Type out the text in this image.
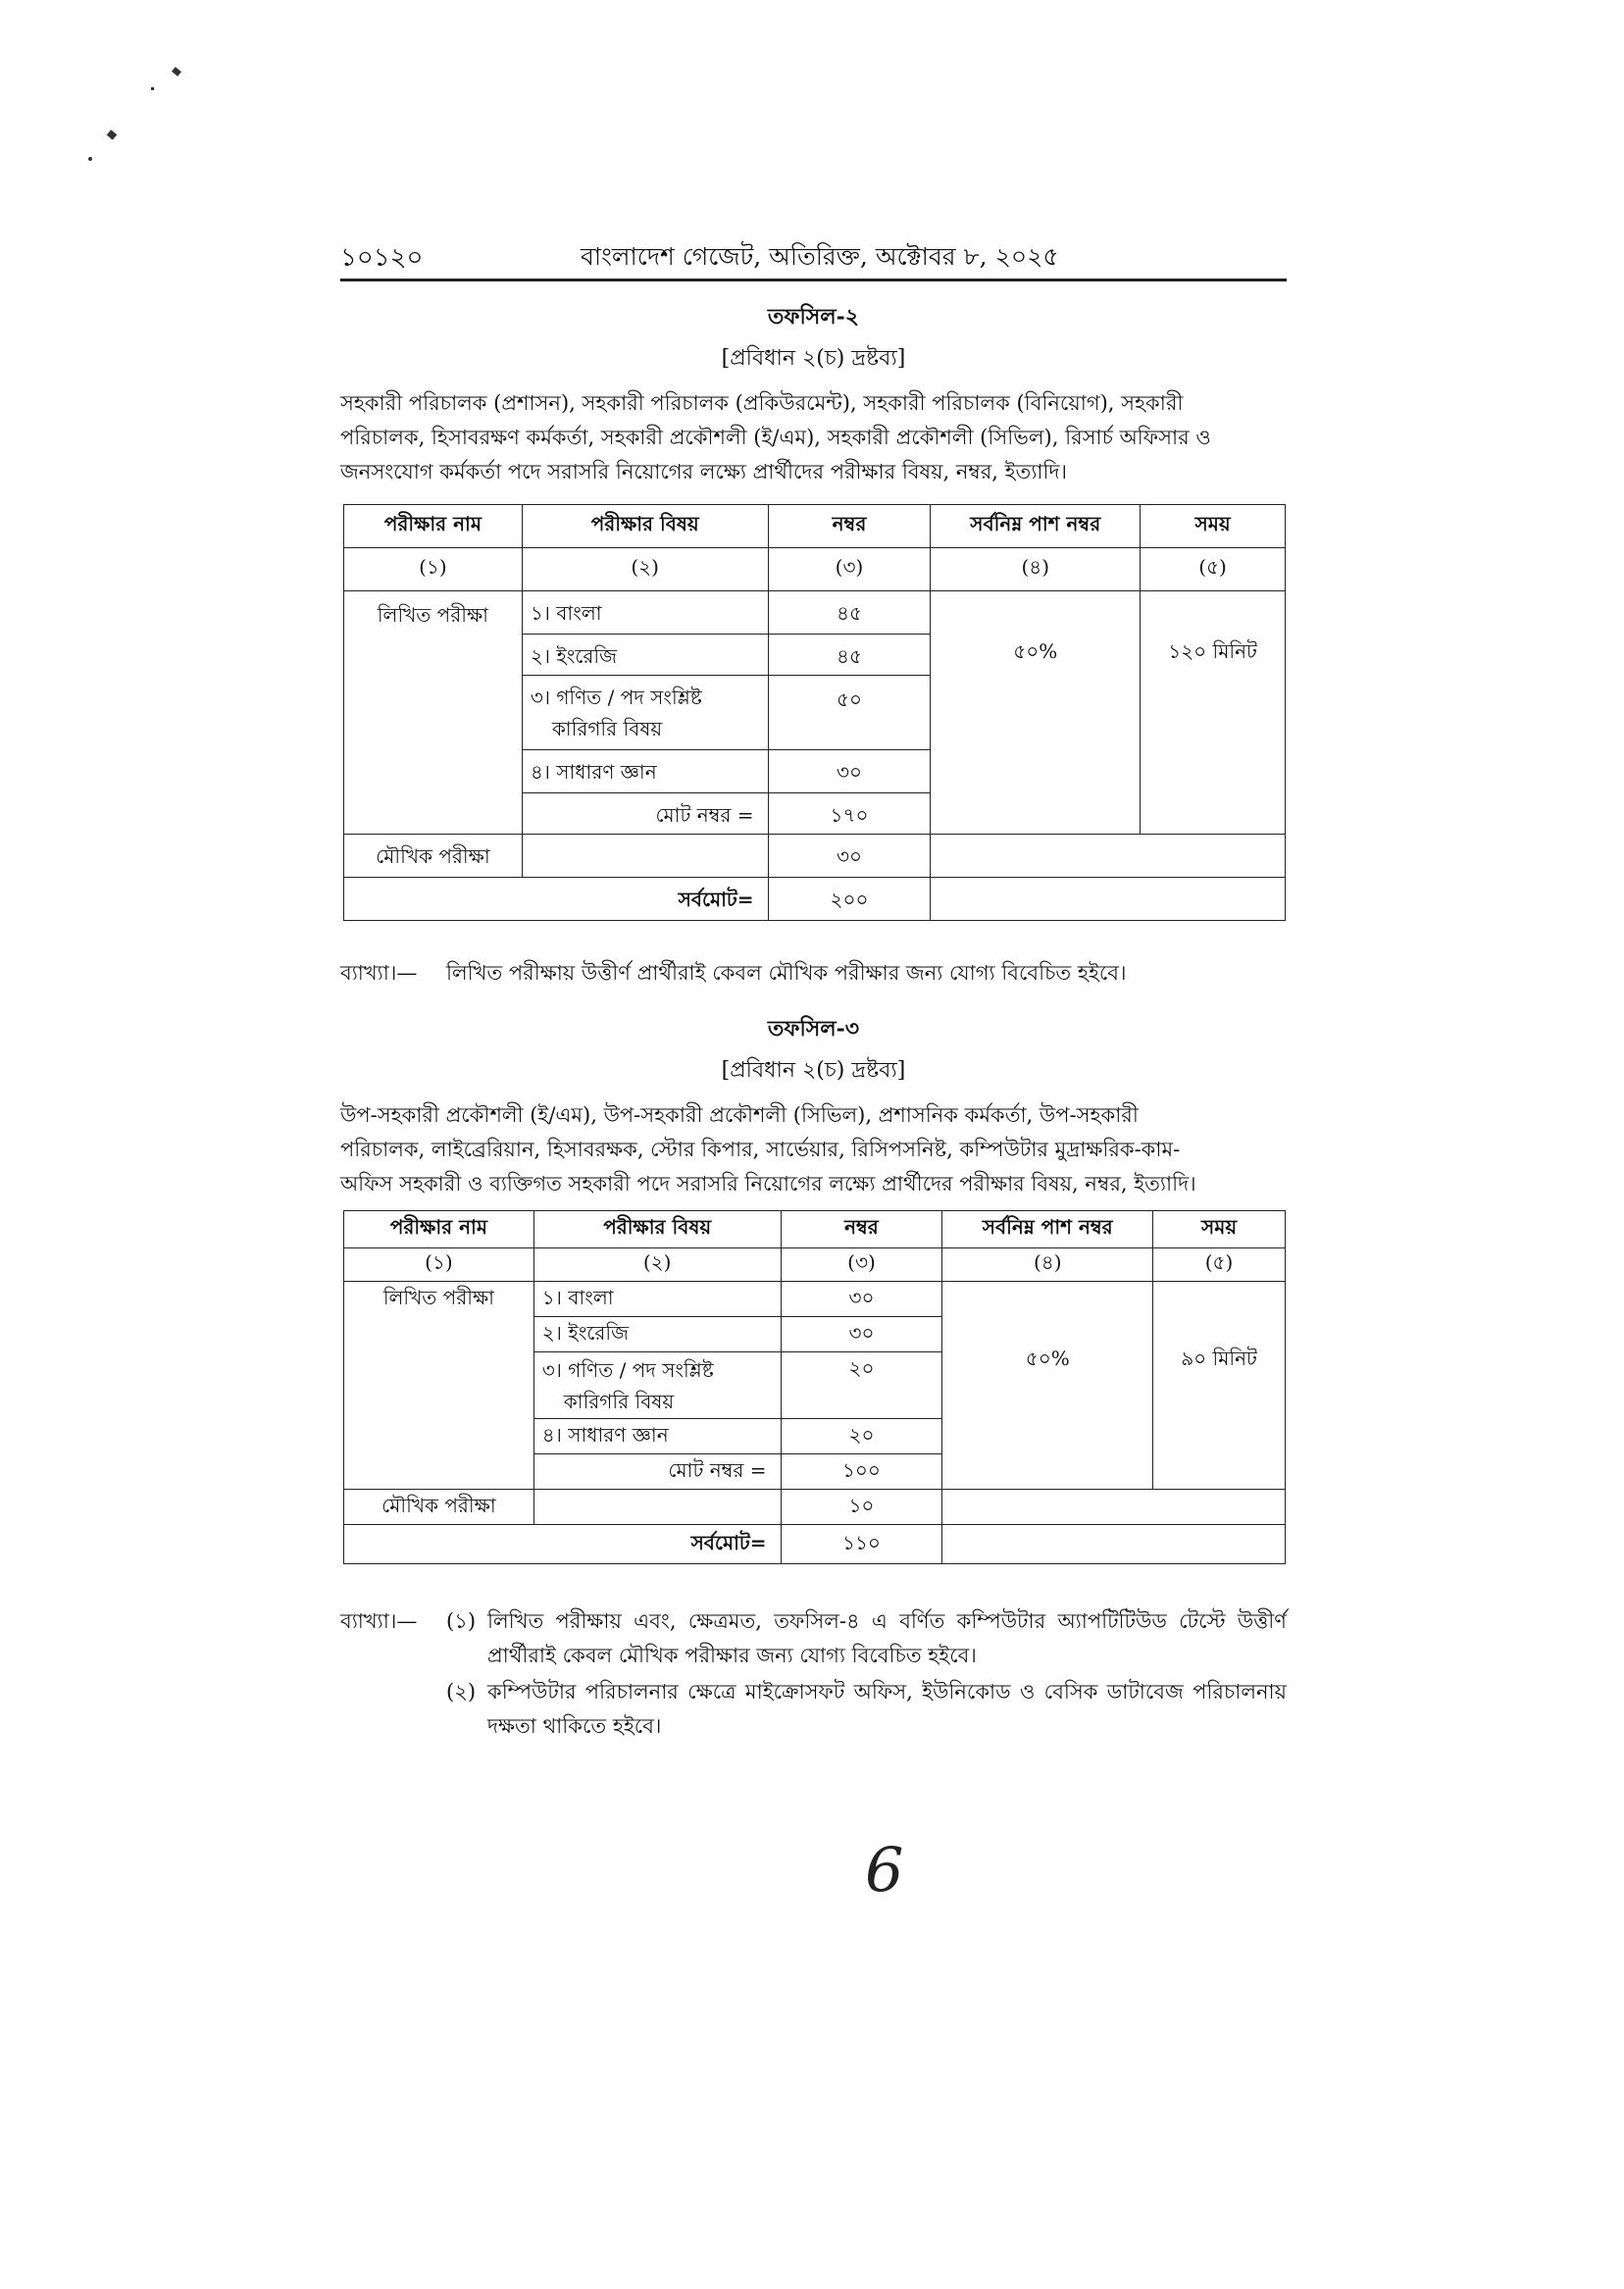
১০১২০	বাংলাদেশ গেজেট, অতিরিক্ত, অক্টোবর ৮, ২০২৫
তফসিল-২
[প্রবিধান ২(চ) দ্রষ্টব্য]

সহকারী পরিচালক (প্রশাসন), সহকারী পরিচালক (প্রকিউরমেন্ট), সহকারী পরিচালক (বিনিয়োগ), সহকারী
পরিচালক, হিসাবরক্ষণ কর্মকর্তা, সহকারী প্রকৌশলী (ই/এম), সহকারী প্রকৌশলী (সিভিল), রিসার্চ অফিসার ও
জনসংযোগ কর্মকর্তা পদে সরাসরি নিয়োগের লক্ষ্যে প্রার্থীদের পরীক্ষার বিষয়, নম্বর, ইত্যাদি।

পরীক্ষার নাম	পরীক্ষার বিষয়	নম্বর	সর্বনিম্ন পাশ নম্বর	সময়
(১)	(২)	(৩)	(৪)	(৫)
লিখিত পরীক্ষা	১। বাংলা	৪৫	৫০%	১২০ মিনিট
	২। ইংরেজি	৪৫		
	৩। গণিত / পদ সংশ্লিষ্ট কারিগরি বিষয়	৫০		
	৪। সাধারণ জ্ঞান	৩০		
	মোট নম্বর =	১৭০		
মৌখিক পরীক্ষা		৩০		
সর্বমোট=		২০০		
ব্যাখ্যা।— লিখিত পরীক্ষায় উত্তীর্ণ প্রার্থীরাই কেবল মৌখিক পরীক্ষার জন্য যোগ্য বিবেচিত হইবে।
তফসিল-৩
[প্রবিধান ২(চ) দ্রষ্টব্য]

উপ-সহকারী প্রকৌশলী (ই/এম), উপ-সহকারী প্রকৌশলী (সিভিল), প্রশাসনিক কর্মকর্তা, উপ-সহকারী
পরিচালক, লাইব্রেরিয়ান, হিসাবরক্ষক, স্টোর কিপার, সার্ভেয়ার, রিসিপসনিষ্ট, কম্পিউটার মুদ্রাক্ষরিক-কাম-
অফিস সহকারী ও ব্যক্তিগত সহকারী পদে সরাসরি নিয়োগের লক্ষ্যে প্রার্থীদের পরীক্ষার বিষয়, নম্বর, ইত্যাদি।

পরীক্ষার নাম	পরীক্ষার বিষয়	নম্বর	সর্বনিম্ন পাশ নম্বর	সময়
(১)	(২)	(৩)	(৪)	(৫)
লিখিত পরীক্ষা	১। বাংলা	৩০	৫০%	৯০ মিনিট
	২। ইংরেজি	৩০		
	৩। গণিত / পদ সংশ্লিষ্ট কারিগরি বিষয়	২০		
	৪। সাধারণ জ্ঞান	২০		
	মোট নম্বর =	১০০		
মৌখিক পরীক্ষা		১০		
সর্বমোট=		১১০		
ব্যাখ্যা।— (১) লিখিত পরীক্ষায় এবং, ক্ষেত্রমত, তফসিল-৪ এ বর্ণিত কম্পিউটার অ্যাপটিটিউড টেস্টে উত্তীর্ণ প্রার্থীরাই কেবল মৌখিক পরীক্ষার জন্য যোগ্য বিবেচিত হইবে।
(২) কম্পিউটার পরিচালনার ক্ষেত্রে মাইক্রোসফট অফিস, ইউনিকোড ও বেসিক ডাটাবেজ পরিচালনায় দক্ষতা থাকিতে হইবে।
6
